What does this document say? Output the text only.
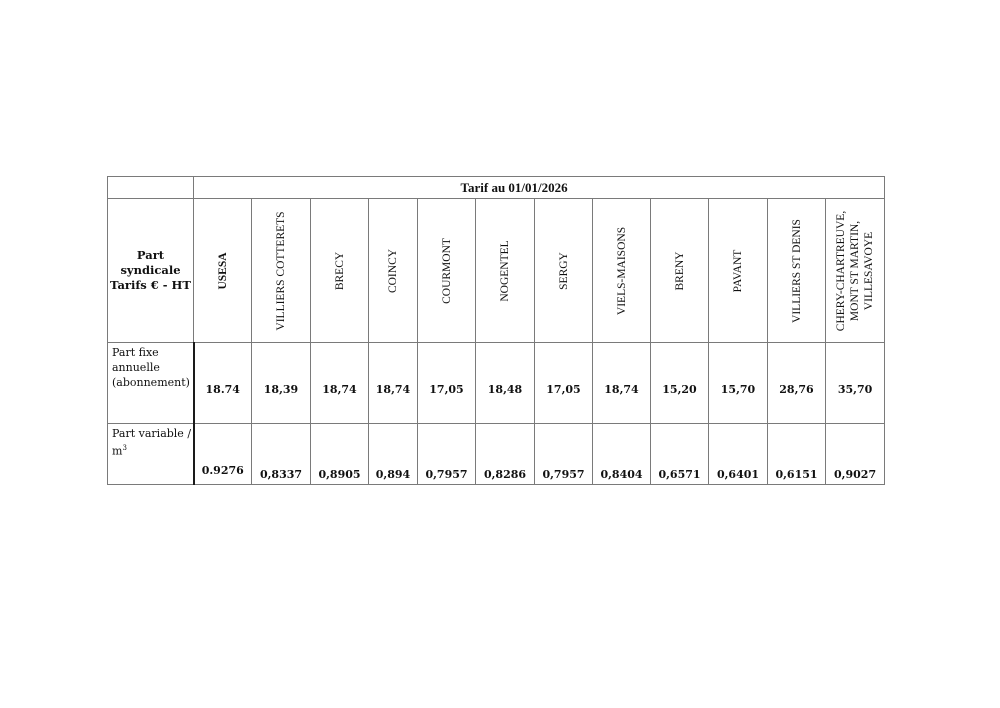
	Tarif au 01/01/2026											

Part
syndicale
Tarifs € - HT	USESA	VILLIERS COTTERETS	BRECY	COINCY	COURMONT	NOGENTEL	SERGY	VIELS-MAISONS	BRENY	PAVANT	VILLIERS ST DENIS	CHERY-CHARTREUVE, MONT ST MARTIN, VILLESAVOYE

Part fixe
annuelle
(abonnement)	18.74	18,39	18,74	18,74	17,05	18,48	17,05	18,74	15,20	15,70	28,76	35,70

Part variable /
$m^3$	0.9276	0,8337	0,8905	0,894	0,7957	0,8286	0,7957	0,8404	0,6571	0,6401	0,6151	0,9027
